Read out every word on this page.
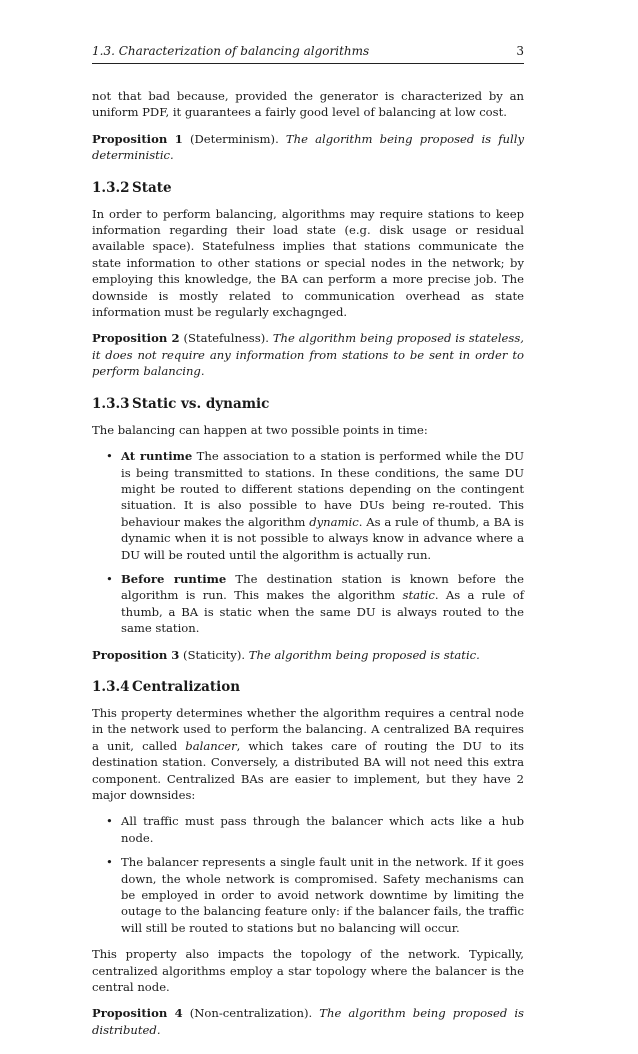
1.3. Characterization of balancing algorithms	3

not that bad because, provided the generator is characterized by an uniform PDF, it guarantees a fairly good level of balancing at low cost.

Proposition 1 (Determinism). The algorithm being proposed is fully deterministic.

1.3.2 State

In order to perform balancing, algorithms may require stations to keep information regarding their load state (e.g. disk usage or residual available space). Statefulness implies that stations communicate the state information to other stations or special nodes in the network; by employing this knowledge, the BA can perform a more precise job. The downside is mostly related to communication overhead as state information must be regularly exchagnged.

Proposition 2 (Statefulness). The algorithm being proposed is stateless, it does not require any information from stations to be sent in order to perform balancing.

1.3.3 Static vs. dynamic

The balancing can happen at two possible points in time:

• At runtime The association to a station is performed while the DU is being transmitted to stations. In these conditions, the same DU might be routed to different stations depending on the contingent situation. It is also possible to have DUs being re-routed. This behaviour makes the algorithm dynamic. As a rule of thumb, a BA is dynamic when it is not possible to always know in advance where a DU will be routed until the algorithm is actually run.

• Before runtime The destination station is known before the algorithm is run. This makes the algorithm static. As a rule of thumb, a BA is static when the same DU is always routed to the same station.

Proposition 3 (Staticity). The algorithm being proposed is static.

1.3.4 Centralization

This property determines whether the algorithm requires a central node in the network used to perform the balancing. A centralized BA requires a unit, called balancer, which takes care of routing the DU to its destination station. Conversely, a distributed BA will not need this extra component. Centralized BAs are easier to implement, but they have 2 major downsides:

• All traffic must pass through the balancer which acts like a hub node.

• The balancer represents a single fault unit in the network. If it goes down, the whole network is compromised. Safety mechanisms can be employed in order to avoid network downtime by limiting the outage to the balancing feature only: if the balancer fails, the traffic will still be routed to stations but no balancing will occur.

This property also impacts the topology of the network. Typically, centralized algorithms employ a star topology where the balancer is the central node.

Proposition 4 (Non-centralization). The algorithm being proposed is distributed.
